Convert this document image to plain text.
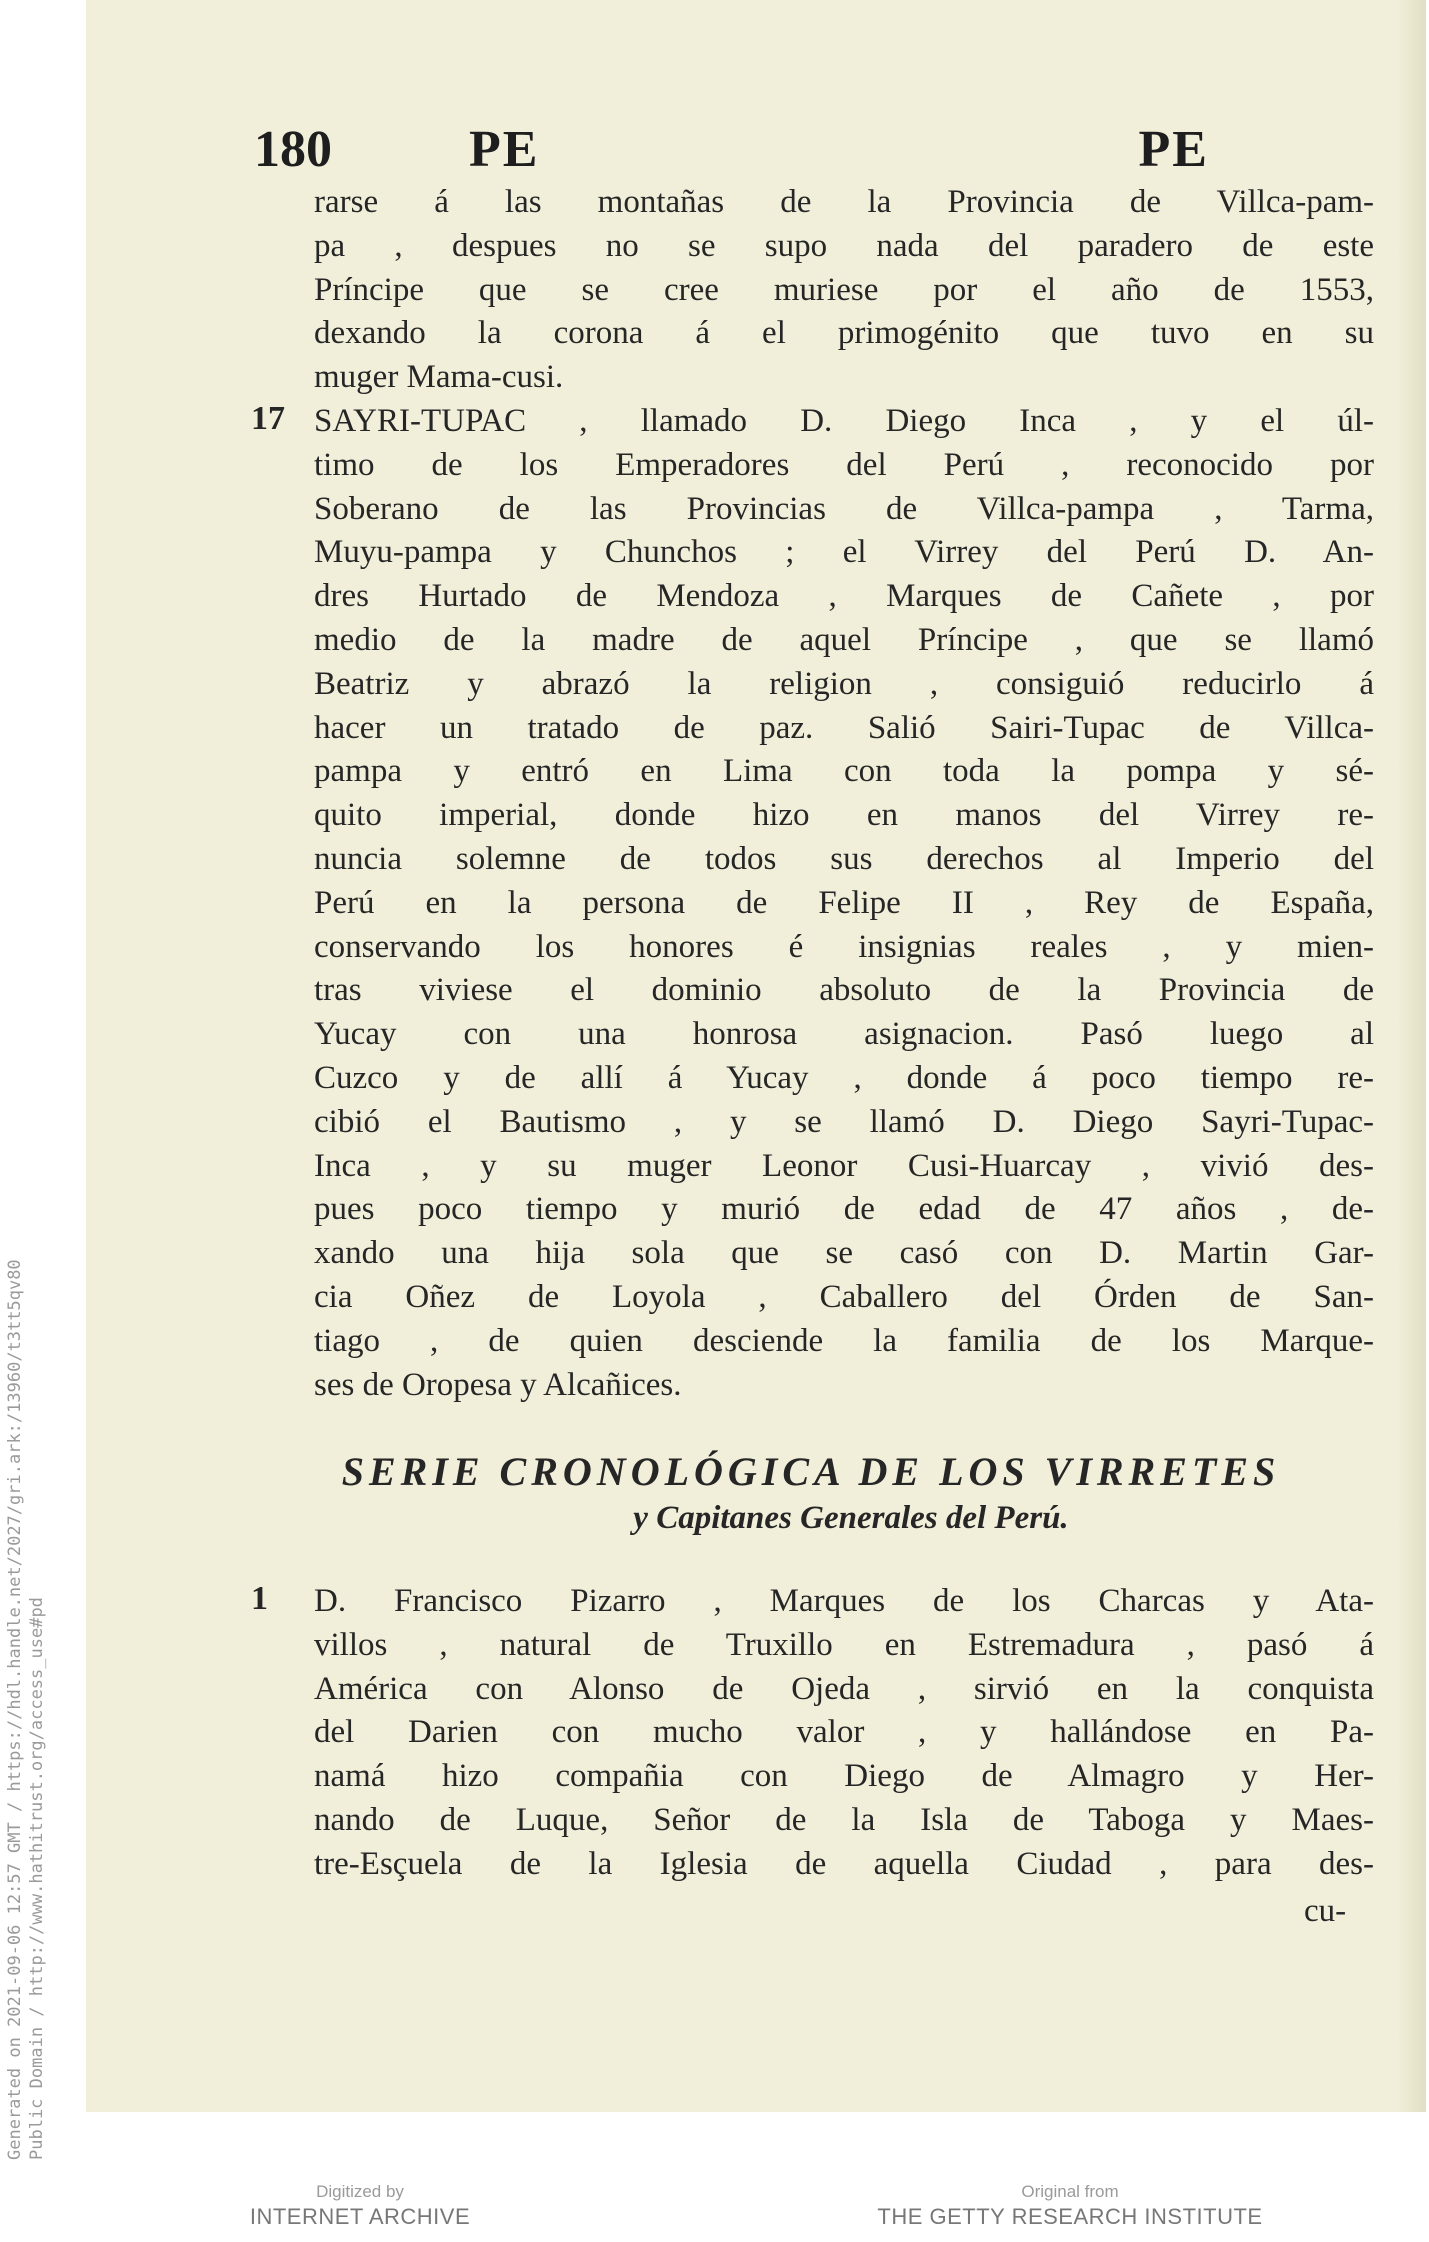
Generated on 2021-09-06 12:57 GMT / https://hdl.handle.net/2027/gri.ark:/13960/t3tt5qv80 Public Domain / http://www.hathitrust.org/access_use#pd
180	PE	PE
rarse á las montañas de la Provincia de Villca-pam-
pa , despues no se supo nada del paradero de este
Príncipe que se cree muriese por el año de 1553,
dexando la corona á el primogénito que tuvo en su
muger Mama-cusi.
17 SAYRI-TUPAC , llamado D. Diego Inca , y el úl-
timo de los Emperadores del Perú , reconocido por
Soberano de las Provincias de Villca-pampa , Tarma,
Muyu-pampa y Chunchos ; el Virrey del Perú D. An-
dres Hurtado de Mendoza , Marques de Cañete , por
medio de la madre de aquel Príncipe , que se llamó
Beatriz y abrazó la religion , consiguió reducirlo á
hacer un tratado de paz. Salió Sairi-Tupac de Villca-
pampa y entró en Lima con toda la pompa y sé-
quito imperial, donde hizo en manos del Virrey re-
nuncia solemne de todos sus derechos al Imperio del
Perú en la persona de Felipe II , Rey de España,
conservando los honores é insignias reales , y mien-
tras viviese el dominio absoluto de la Provincia de
Yucay con una honrosa asignacion. Pasó luego al
Cuzco y de allí á Yucay , donde á poco tiempo re-
cibió el Bautismo , y se llamó D. Diego Sayri-Tupac-
Inca , y su muger Leonor Cusi-Huarcay , vivió des-
pues poco tiempo y murió de edad de 47 años , de-
xando una hija sola que se casó con D. Martin Gar-
cia Oñez de Loyola , Caballero del Órden de San-
tiago , de quien desciende la familia de los Marque-
ses de Oropesa y Alcañices.
SERIE CRONOLÓGICA DE LOS VIRRETES
y Capitanes Generales del Perú.
1 D. Francisco Pizarro , Marques de los Charcas y Ata-
villos , natural de Truxillo en Estremadura , pasó á
América con Alonso de Ojeda , sirvió en la conquista
del Darien con mucho valor , y hallándose en Pa-
namá hizo compañia con Diego de Almagro y Her-
nando de Luque, Señor de la Isla de Taboga y Maes-
tre-Esçuela de la Iglesia de aquella Ciudad , para des-
cu-
Digitized by
INTERNET ARCHIVE
Original from
THE GETTY RESEARCH INSTITUTE
